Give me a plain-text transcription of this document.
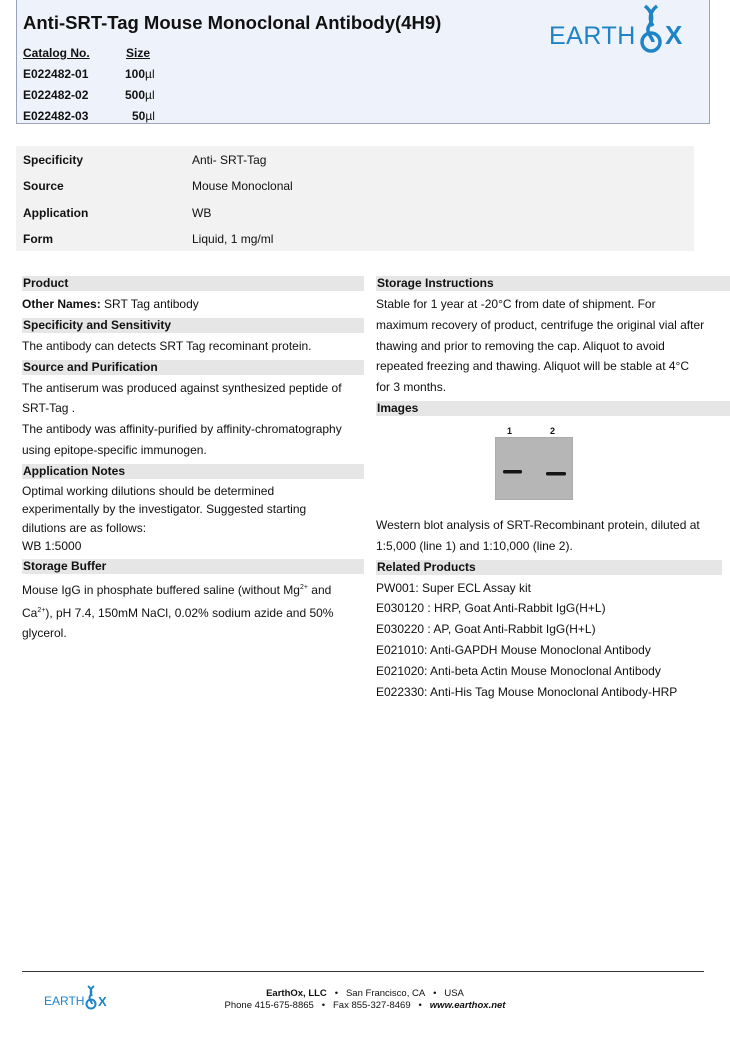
Anti-SRT-Tag Mouse Monoclonal Antibody(4H9)	EARTH X
Catalog No.	Size
E022482-01	100µl
E022482-02	500µl
E022482-03	50µl
Specificity	Anti- SRT-Tag
Source	Mouse Monoclonal
Application	WB
Form	Liquid, 1 mg/ml
Product

Other Names: SRT Tag antibody

Specificity and Sensitivity

The antibody can detects SRT Tag recominant protein.

Source and Purification

The antiserum was produced against synthesized peptide of

SRT-Tag .

The antibody was affinity-purified by affinity-chromatography

using epitope-specific immunogen.

Application Notes

Optimal working dilutions should be determined

experimentally by the investigator. Suggested starting

dilutions are as follows:

WB 1:5000

Storage Buffer

Mouse IgG in phosphate buffered saline (without $Mg^{2+}$ and

$Ca^{2+}$), pH 7.4, 150mM NaCl, 0.02% sodium azide and 50%

glycerol.

Storage Instructions

Stable for 1 year at -20°C from date of shipment. For

maximum recovery of product, centrifuge the original vial after

thawing and prior to removing the cap. Aliquot to avoid

repeated freezing and thawing. Aliquot will be stable at 4°C

for 3 months.

Images
1	2

Western blot analysis of SRT-Recombinant protein, diluted at

1:5,000 (line 1) and 1:10,000 (line 2).

Related Products

PW001: Super ECL Assay kit

E030120 : HRP, Goat Anti-Rabbit IgG(H+L)

E030220 : AP, Goat Anti-Rabbit IgG(H+L)

E021010: Anti-GAPDH Mouse Monoclonal Antibody

E021020: Anti-beta Actin Mouse Monoclonal Antibody

E022330: Anti-His Tag Mouse Monoclonal Antibody-HRP

EARTH X
EarthOx, LLC • San Francisco, CA • USA
Phone 415-675-8865 • Fax 855-327-8469 • www.earthox.net
